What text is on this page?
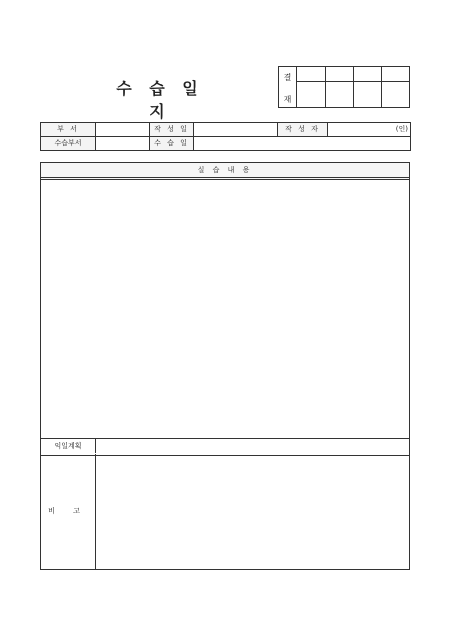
수 습 일 지
결
재
부 서		작 성 일		작 성 자	(인)
수습부서		수 습 일			
실 습 내 용
익일계획
비 고
